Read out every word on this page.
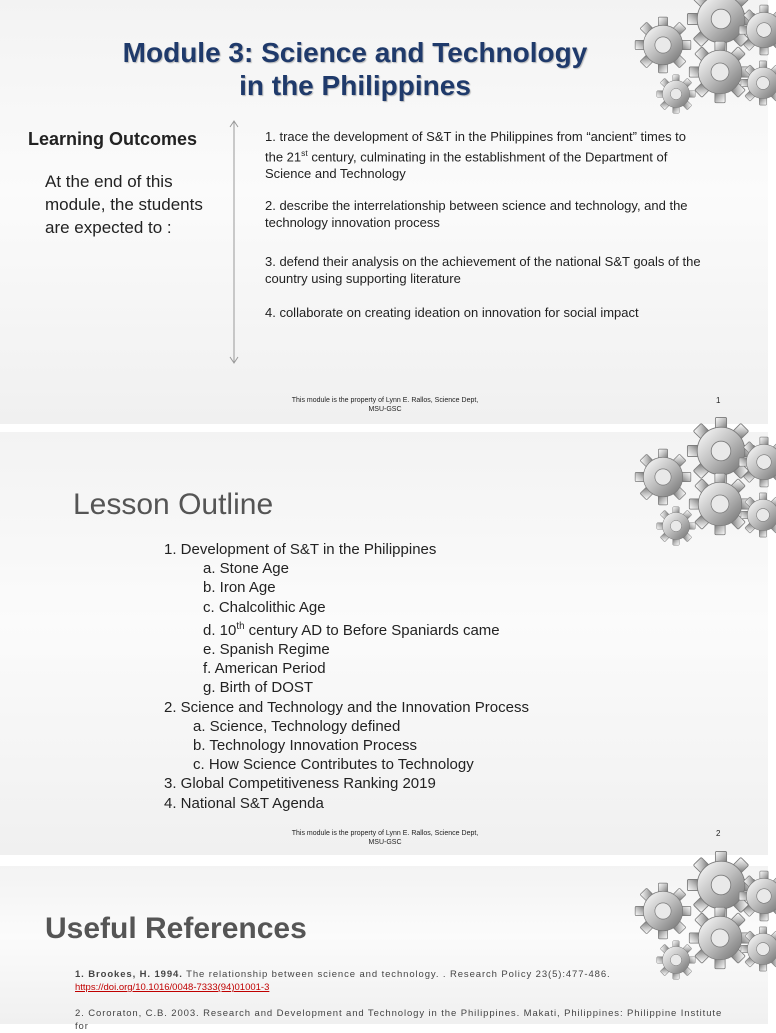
Module 3: Science and Technology
in the Philippines
Learning Outcomes
At the end of this module, the students are expected to :
1. trace the development of S&T in the Philippines from “ancient” times to the 21st century, culminating in the establishment of the Department of Science and Technology
2. describe the interrelationship between science and technology, and the technology innovation process
3. defend their analysis on the achievement of the national S&T goals of the country using supporting literature
4. collaborate on creating ideation on innovation for social impact
This module is the property of Lynn E. Rallos, Science Dept,
MSU-GSC
1
Lesson Outline
1. Development of S&T in the Philippines
a. Stone Age
b. Iron Age
c. Chalcolithic Age
d. 10th century AD to Before Spaniards came
e. Spanish Regime
f. American Period
g. Birth of DOST
2. Science and Technology and the Innovation Process
a. Science, Technology defined
b. Technology Innovation Process
c. How Science Contributes to Technology
3. Global Competitiveness Ranking 2019
4. National S&T Agenda
This module is the property of Lynn E. Rallos, Science Dept,
MSU-GSC
2
Useful References
1. Brookes, H. 1994. The relationship between science and technology. . Research Policy 23(5):477-486.
https://doi.org/10.1016/0048-7333(94)01001-3
2. Cororaton, C.B. 2003. Research and Development and Technology in the Philippines. Makati, Philippines: Philippine Institute for
